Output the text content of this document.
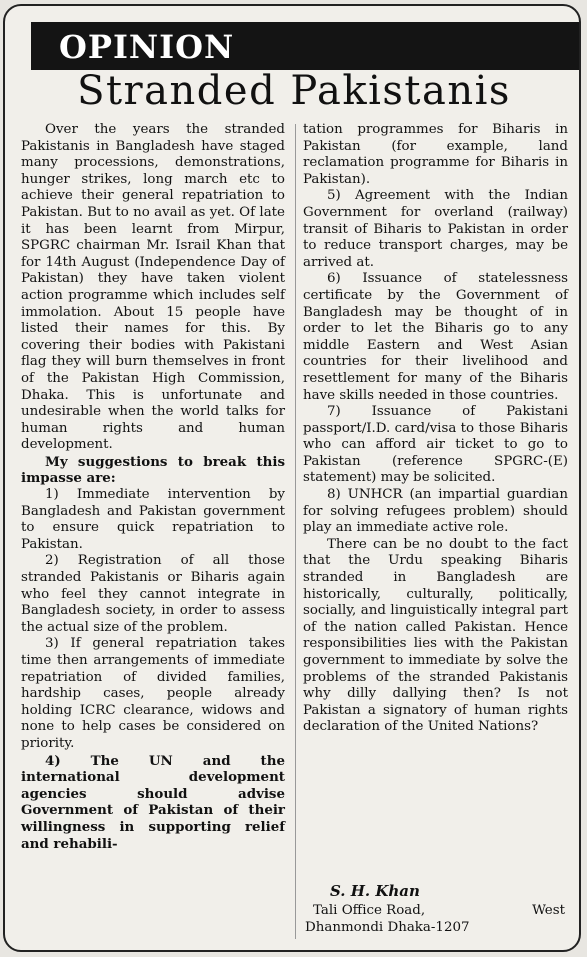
OPINION
Stranded Pakistanis

Over the years the stranded Pakistanis in Bangladesh have staged many processions, demonstrations, hunger strikes, long march etc to achieve their general repatriation to Pakistan. But to no avail as yet. Of late it has been learnt from Mirpur, SPGRC chairman Mr. Israil Khan that for 14th August (Independence Day of Pakistan) they have taken violent action programme which includes self immolation. About 15 people have listed their names for this. By covering their bodies with Pakistani flag they will burn themselves in front of the Pakistan High Commission, Dhaka. This is unfortunate and undesirable when the world talks for human rights and human development.

My suggestions to break this impasse are:

1) Immediate intervention by Bangladesh and Pakistan government to ensure quick repatriation to Pakistan.

2) Registration of all those stranded Pakistanis or Biharis again who feel they cannot integrate in Bangladesh society, in order to assess the actual size of the problem.

3) If general repatriation takes time then arrangements of immediate repatriation of divided families, hardship cases, people already holding ICRC clearance, widows and none to help cases be considered on priority.

4) The UN and the international development agencies should advise Government of Pakistan of their willingness in supporting relief and rehabili-

tation programmes for Biharis in Pakistan (for example, land reclamation programme for Biharis in Pakistan).

5) Agreement with the Indian Government for overland (railway) transit of Biharis to Pakistan in order to reduce transport charges, may be arrived at.

6) Issuance of statelessness certificate by the Government of Bangladesh may be thought of in order to let the Biharis go to any middle Eastern and West Asian countries for their livelihood and resettlement for many of the Biharis have skills needed in those countries.

7) Issuance of Pakistani passport/I.D. card/visa to those Biharis who can afford air ticket to go to Pakistan (reference SPGRC-(E) statement) may be solicited.

8) UNHCR (an impartial guardian for solving refugees problem) should play an immediate active role.

There can be no doubt to the fact that the Urdu speaking Biharis stranded in Bangladesh are historically, culturally, politically, socially, and linguistically integral part of the nation called Pakistan. Hence responsibilities lies with the Pakistan government to immediate by solve the problems of the stranded Pakistanis why dilly dallying then? Is not Pakistan a signatory of human rights declaration of the United Nations?

S. H. Khan
Tali Office Road,	West
Dhanmondi Dhaka-1207
